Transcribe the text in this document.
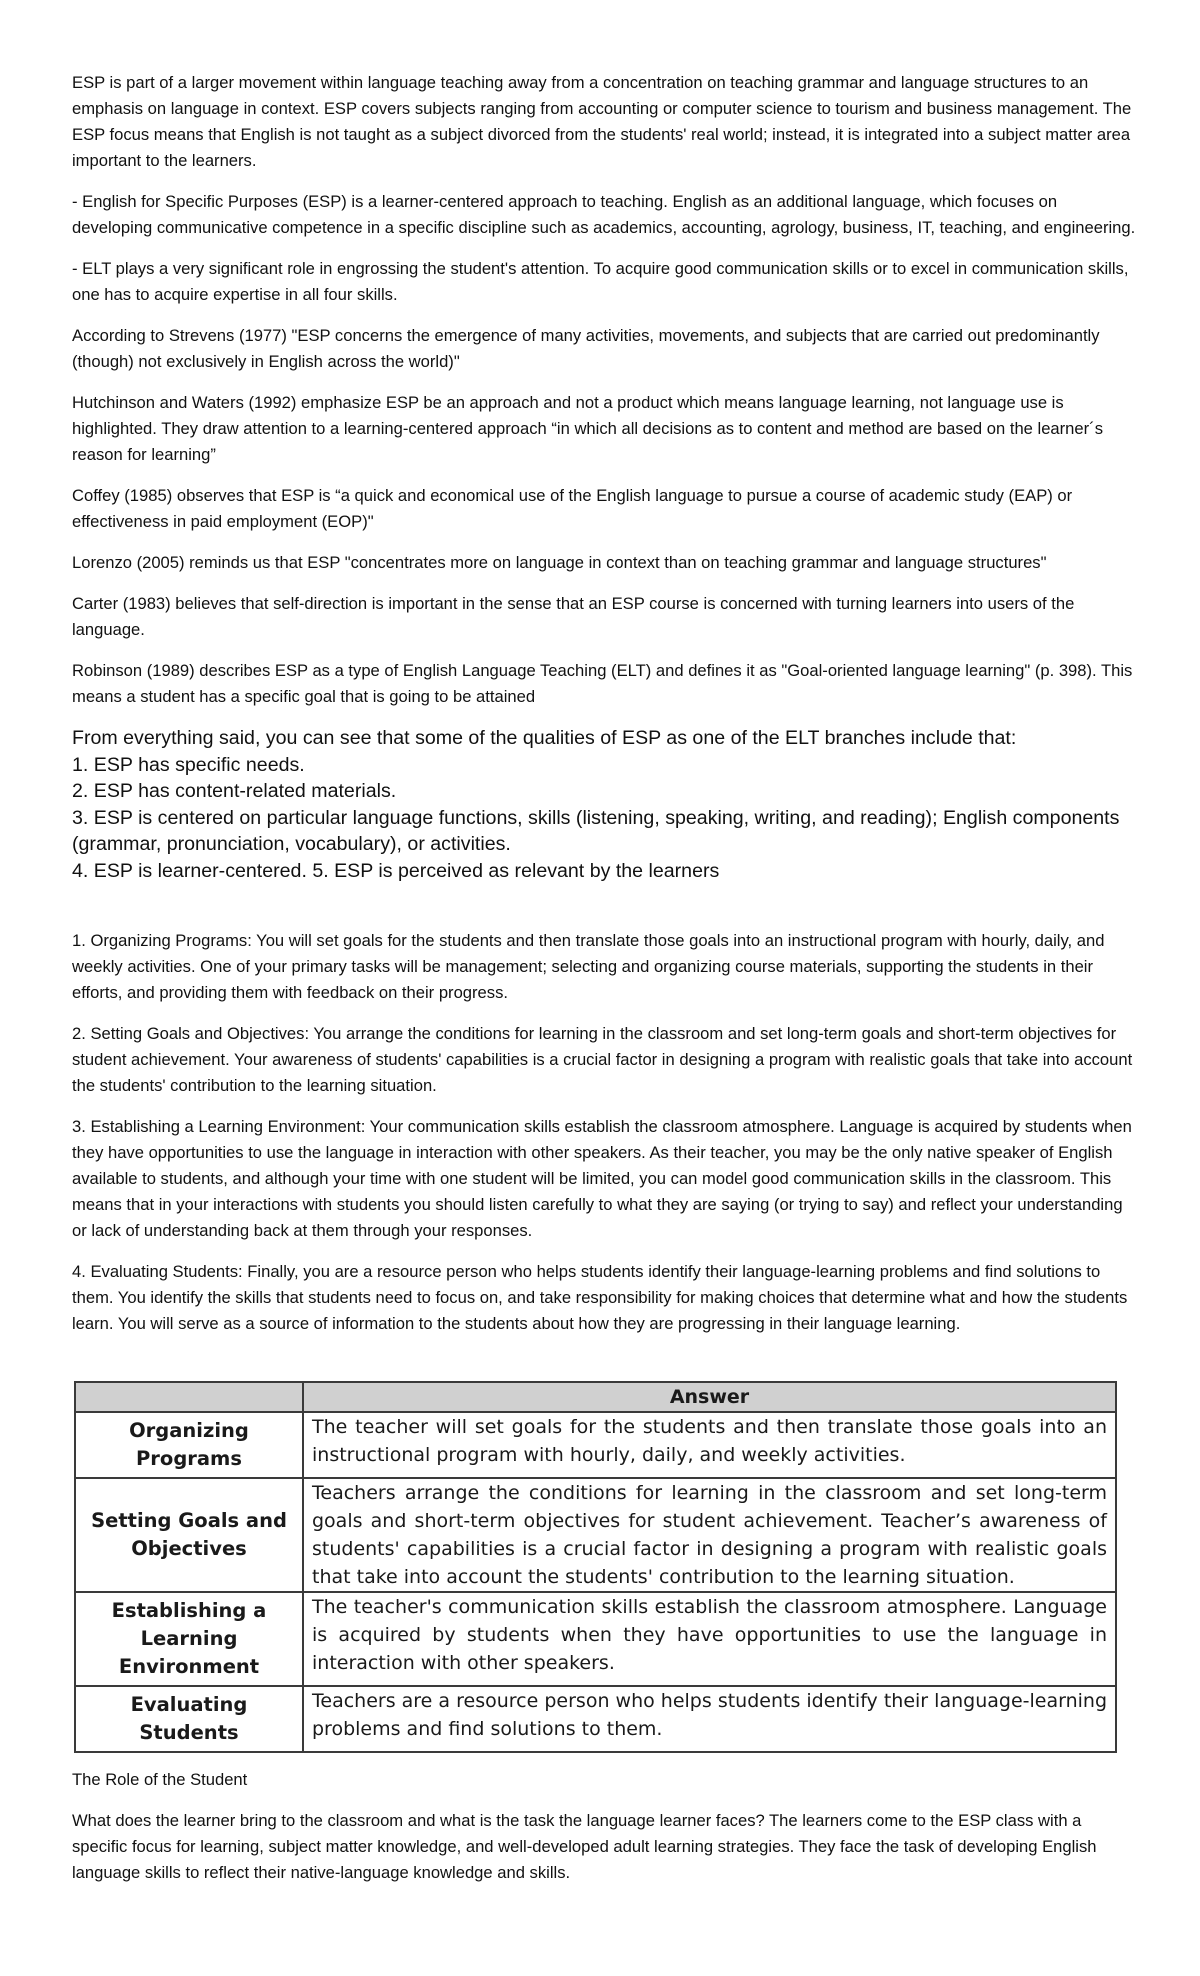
ESP is part of a larger movement within language teaching away from a concentration on teaching grammar and language structures to an emphasis on language in context. ESP covers subjects ranging from accounting or computer science to tourism and business management. The ESP focus means that English is not taught as a subject divorced from the students' real world; instead, it is integrated into a subject matter area important to the learners.

- English for Specific Purposes (ESP) is a learner-centered approach to teaching. English as an additional language, which focuses on developing communicative competence in a specific discipline such as academics, accounting, agrology, business, IT, teaching, and engineering.

- ELT plays a very significant role in engrossing the student's attention. To acquire good communication skills or to excel in communication skills, one has to acquire expertise in all four skills.

According to Strevens (1977) "ESP concerns the emergence of many activities, movements, and subjects that are carried out predominantly (though) not exclusively in English across the world)"

Hutchinson and Waters (1992) emphasize ESP be an approach and not a product which means language learning, not language use is highlighted. They draw attention to a learning-centered approach “in which all decisions as to content and method are based on the learner´s reason for learning”

Coffey (1985) observes that ESP is “a quick and economical use of the English language to pursue a course of academic study (EAP) or effectiveness in paid employment (EOP)"

Lorenzo (2005) reminds us that ESP "concentrates more on language in context than on teaching grammar and language structures"

Carter (1983) believes that self-direction is important in the sense that an ESP course is concerned with turning learners into users of the language.

Robinson (1989) describes ESP as a type of English Language Teaching (ELT) and defines it as "Goal-oriented language learning" (p. 398). This means a student has a specific goal that is going to be attained

From everything said, you can see that some of the qualities of ESP as one of the ELT branches include that:
1. ESP has specific needs.
2. ESP has content-related materials.
3. ESP is centered on particular language functions, skills (listening, speaking, writing, and reading); English components (grammar, pronunciation, vocabulary), or activities.
4. ESP is learner-centered. 5. ESP is perceived as relevant by the learners

1. Organizing Programs: You will set goals for the students and then translate those goals into an instructional program with hourly, daily, and weekly activities. One of your primary tasks will be management; selecting and organizing course materials, supporting the students in their efforts, and providing them with feedback on their progress.

2. Setting Goals and Objectives: You arrange the conditions for learning in the classroom and set long-term goals and short-term objectives for student achievement. Your awareness of students' capabilities is a crucial factor in designing a program with realistic goals that take into account the students' contribution to the learning situation.

3. Establishing a Learning Environment: Your communication skills establish the classroom atmosphere. Language is acquired by students when they have opportunities to use the language in interaction with other speakers. As their teacher, you may be the only native speaker of English available to students, and although your time with one student will be limited, you can model good communication skills in the classroom. This means that in your interactions with students you should listen carefully to what they are saying (or trying to say) and reflect your understanding or lack of understanding back at them through your responses.

4. Evaluating Students: Finally, you are a resource person who helps students identify their language-learning problems and find solutions to them. You identify the skills that students need to focus on, and take responsibility for making choices that determine what and how the students learn. You will serve as a source of information to the students about how they are progressing in their language learning.

	Answer
Organizing Programs	The teacher will set goals for the students and then translate those goals into an instructional program with hourly, daily, and weekly activities.
Setting Goals and Objectives	Teachers arrange the conditions for learning in the classroom and set long-term goals and short-term objectives for student achievement. Teacher’s awareness of students' capabilities is a crucial factor in designing a program with realistic goals that take into account the students' contribution to the learning situation.
Establishing a Learning Environment	The teacher's communication skills establish the classroom atmosphere. Language is acquired by students when they have opportunities to use the language in interaction with other speakers.
Evaluating Students	Teachers are a resource person who helps students identify their language-learning problems and find solutions to them.

The Role of the Student

What does the learner bring to the classroom and what is the task the language learner faces? The learners come to the ESP class with a specific focus for learning, subject matter knowledge, and well-developed adult learning strategies. They face the task of developing English language skills to reflect their native-language knowledge and skills.
